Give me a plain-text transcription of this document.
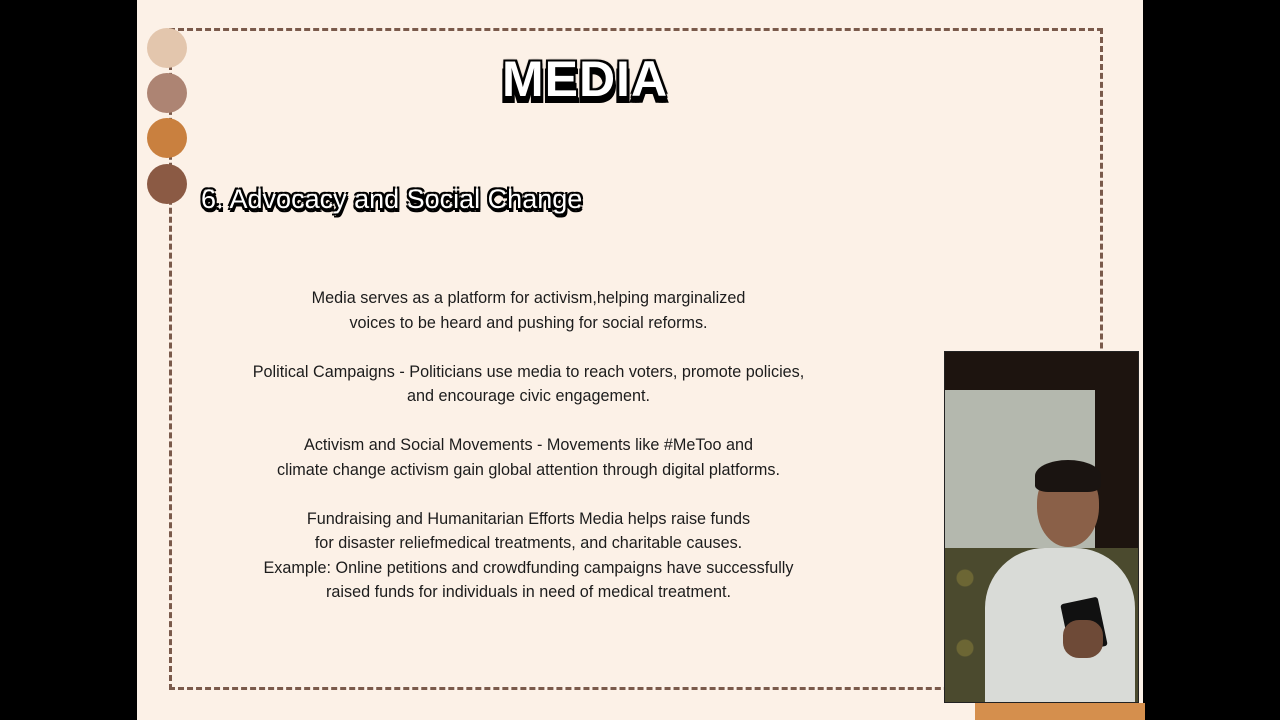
MEDIA
6. Advocacy and Social Change

Media serves as a platform for activism,helping marginalized
voices to be heard and pushing for social reforms.

Political Campaigns - Politicians use media to reach voters, promote policies,
and encourage civic engagement.

Activism and Social Movements - Movements like #MeToo and
climate change activism gain global attention through digital platforms.

Fundraising and Humanitarian Efforts Media helps raise funds
for disaster reliefmedical treatments, and charitable causes.
Example: Online petitions and crowdfunding campaigns have successfully
raised funds for individuals in need of medical treatment.
